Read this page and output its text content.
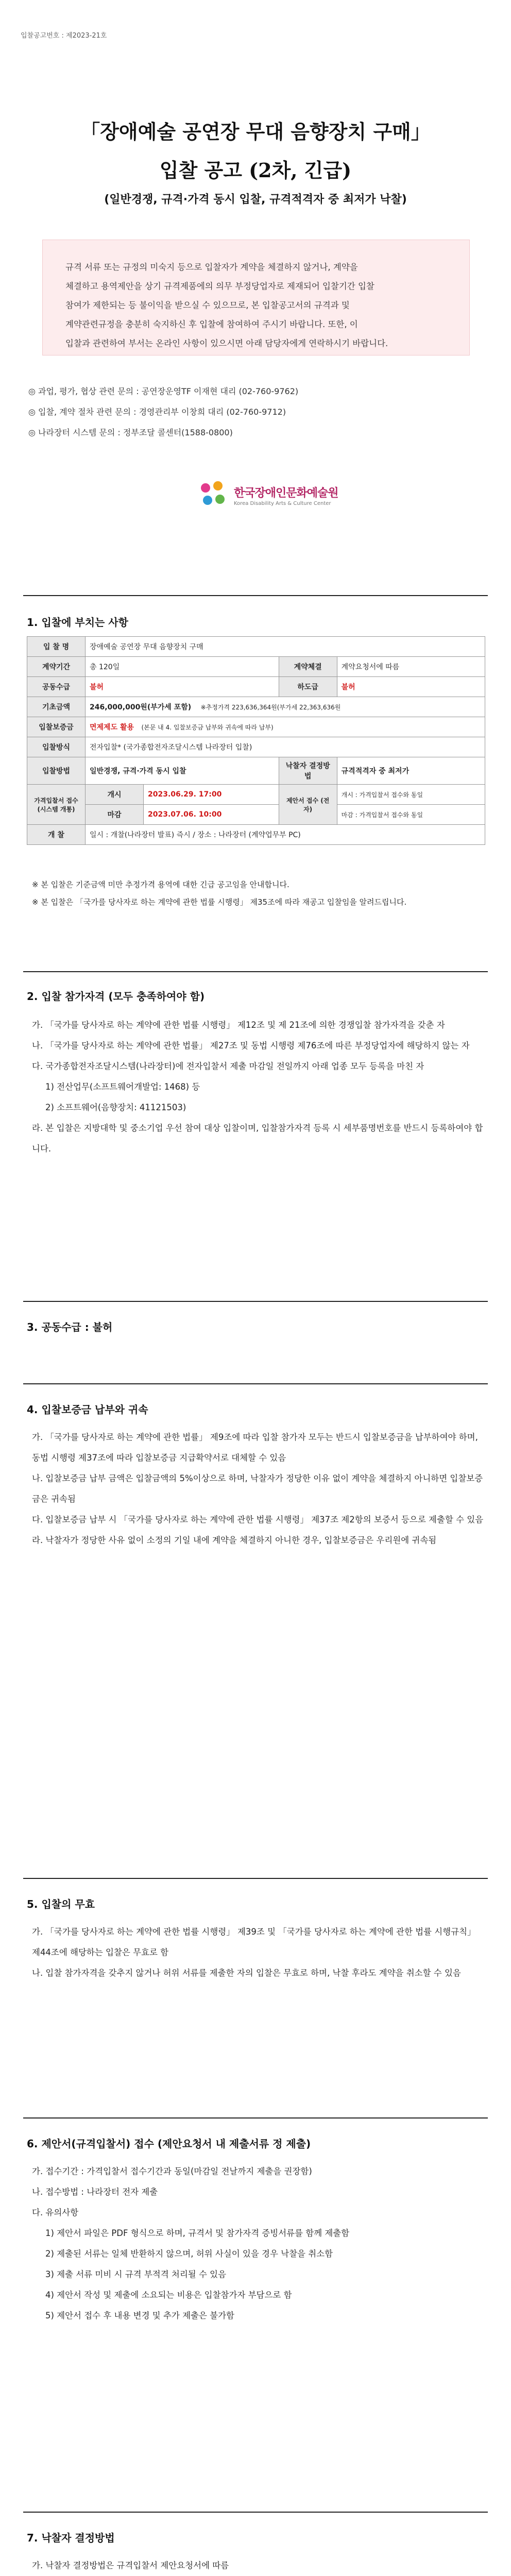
입찰공고번호 : 제2023-21호
「장애예술 공연장 무대 음향장치 구매」
입찰 공고 (2차, 긴급)
(일반경쟁, 규격·가격 동시 입찰, 규격적격자 중 최저가 낙찰)
규격 서류 또는 규정의 미숙지 등으로 입찰자가 계약을 체결하지 않거나, 계약을
체결하고 용역제안을 상기 규격제품에의 의무 부정당업자로 제재되어 입찰기간 입찰
참여가 제한되는 등 불이익을 받으실 수 있으므로, 본 입찰공고서의 규격과 및
계약관련규정을 충분히 숙지하신 후 입찰에 참여하여 주시기 바랍니다. 또한, 이
입찰과 관련하여 부서는 온라인 사항이 있으시면 아래 담당자에게 연락하시기 바랍니다.
◎ 과업, 평가, 협상 관련 문의 : 공연장운영TF 이재현 대리 (02-760-9762)
◎ 입찰, 계약 절차 관련 문의 : 경영관리부 이창희 대리 (02-760-9712)
◎ 나라장터 시스템 문의 : 정부조달 콜센터(1588-0800)
한국장애인문화예술원
Korea Disability Arts & Culture Center
1. 입찰에 부치는 사항
입 찰 명	장애예술 공연장 무대 음향장치 구매			
계약기간	총 120일		계약체결	계약요청서에 따름
공동수급	불허		하도급	불허
기초금액	246,000,000원(부가세 포함) ※추정가격 223,636,364원(부가세 22,363,636원			
입찰보증금	면제제도 활용 (본문 내 4. 입찰보증금 납부와 귀속에 따라 납부)			
입찰방식	전자입찰* (국가종합전자조달시스템 나라장터 입찰)			
입찰방법	일반경쟁, 규격·가격 동시 입찰		낙찰자 결정방법	규격적격자 중 최저가
가격입찰서 접수 (시스템 개통)	개시	2023.06.29. 17:00	제안서 접수 (전자)	개시 : 가격입찰서 접수와 동일
	마감	2023.07.06. 10:00		마감 : 가격입찰서 접수와 동일
개 찰	일시 : 개찰(나라장터 발표) 즉시 / 장소 : 나라장터 (계약업무부 PC)			
※ 본 입찰은 기준금액 미만 추정가격 용역에 대한 긴급 공고임을 안내합니다.
※ 본 입찰은 「국가를 당사자로 하는 계약에 관한 법률 시행령」 제35조에 따라 재공고 입찰임을 알려드립니다.
2. 입찰 참가자격 (모두 충족하여야 함)
가. 「국가를 당사자로 하는 계약에 관한 법률 시행령」 제12조 및 제 21조에 의한 경쟁입찰 참가자격을 갖춘 자
나. 「국가를 당사자로 하는 계약에 관한 법률」 제27조 및 동법 시행령 제76조에 따른 부정당업자에 해당하지 않는 자
다. 국가종합전자조달시스템(나라장터)에 전자입찰서 제출 마감일 전일까지 아래 업종 모두 등록을 마친 자
1) 전산업무(소프트웨어개발업: 1468) 등
2) 소프트웨어(음향장치: 41121503)
라. 본 입찰은 지방대학 및 중소기업 우선 참여 대상 입찰이며, 입찰참가자격 등록 시 세부품명번호를 반드시 등록하여야 합니다.
3. 공동수급 : 불허
4. 입찰보증금 납부와 귀속
가. 「국가를 당사자로 하는 계약에 관한 법률」 제9조에 따라 입찰 참가자 모두는 반드시 입찰보증금을 납부하여야 하며, 동법 시행령 제37조에 따라 입찰보증금 지급확약서로 대체할 수 있음
나. 입찰보증금 납부 금액은 입찰금액의 5%이상으로 하며, 낙찰자가 정당한 이유 없이 계약을 체결하지 아니하면 입찰보증금은 귀속됨
다. 입찰보증금 납부 시 「국가를 당사자로 하는 계약에 관한 법률 시행령」 제37조 제2항의 보증서 등으로 제출할 수 있음
라. 낙찰자가 정당한 사유 없이 소정의 기일 내에 계약을 체결하지 아니한 경우, 입찰보증금은 우리원에 귀속됨
5. 입찰의 무효
가. 「국가를 당사자로 하는 계약에 관한 법률 시행령」 제39조 및 「국가를 당사자로 하는 계약에 관한 법률 시행규칙」 제44조에 해당하는 입찰은 무효로 함
나. 입찰 참가자격을 갖추지 않거나 허위 서류를 제출한 자의 입찰은 무효로 하며, 낙찰 후라도 계약을 취소할 수 있음
6. 제안서(규격입찰서) 접수 (제안요청서 내 제출서류 정 제출)
가. 접수기간 : 가격입찰서 접수기간과 동일(마감일 전날까지 제출을 권장함)
나. 접수방법 : 나라장터 전자 제출
다. 유의사항
1) 제안서 파일은 PDF 형식으로 하며, 규격서 및 참가자격 증빙서류를 함께 제출함
2) 제출된 서류는 일체 반환하지 않으며, 허위 사실이 있을 경우 낙찰을 취소함
3) 제출 서류 미비 시 규격 부적격 처리될 수 있음
4) 제안서 작성 및 제출에 소요되는 비용은 입찰참가자 부담으로 함
5) 제안서 접수 후 내용 변경 및 추가 제출은 불가함
7. 낙찰자 결정방법
가. 낙찰자 결정방법은 규격입찰서 제안요청서에 따름
